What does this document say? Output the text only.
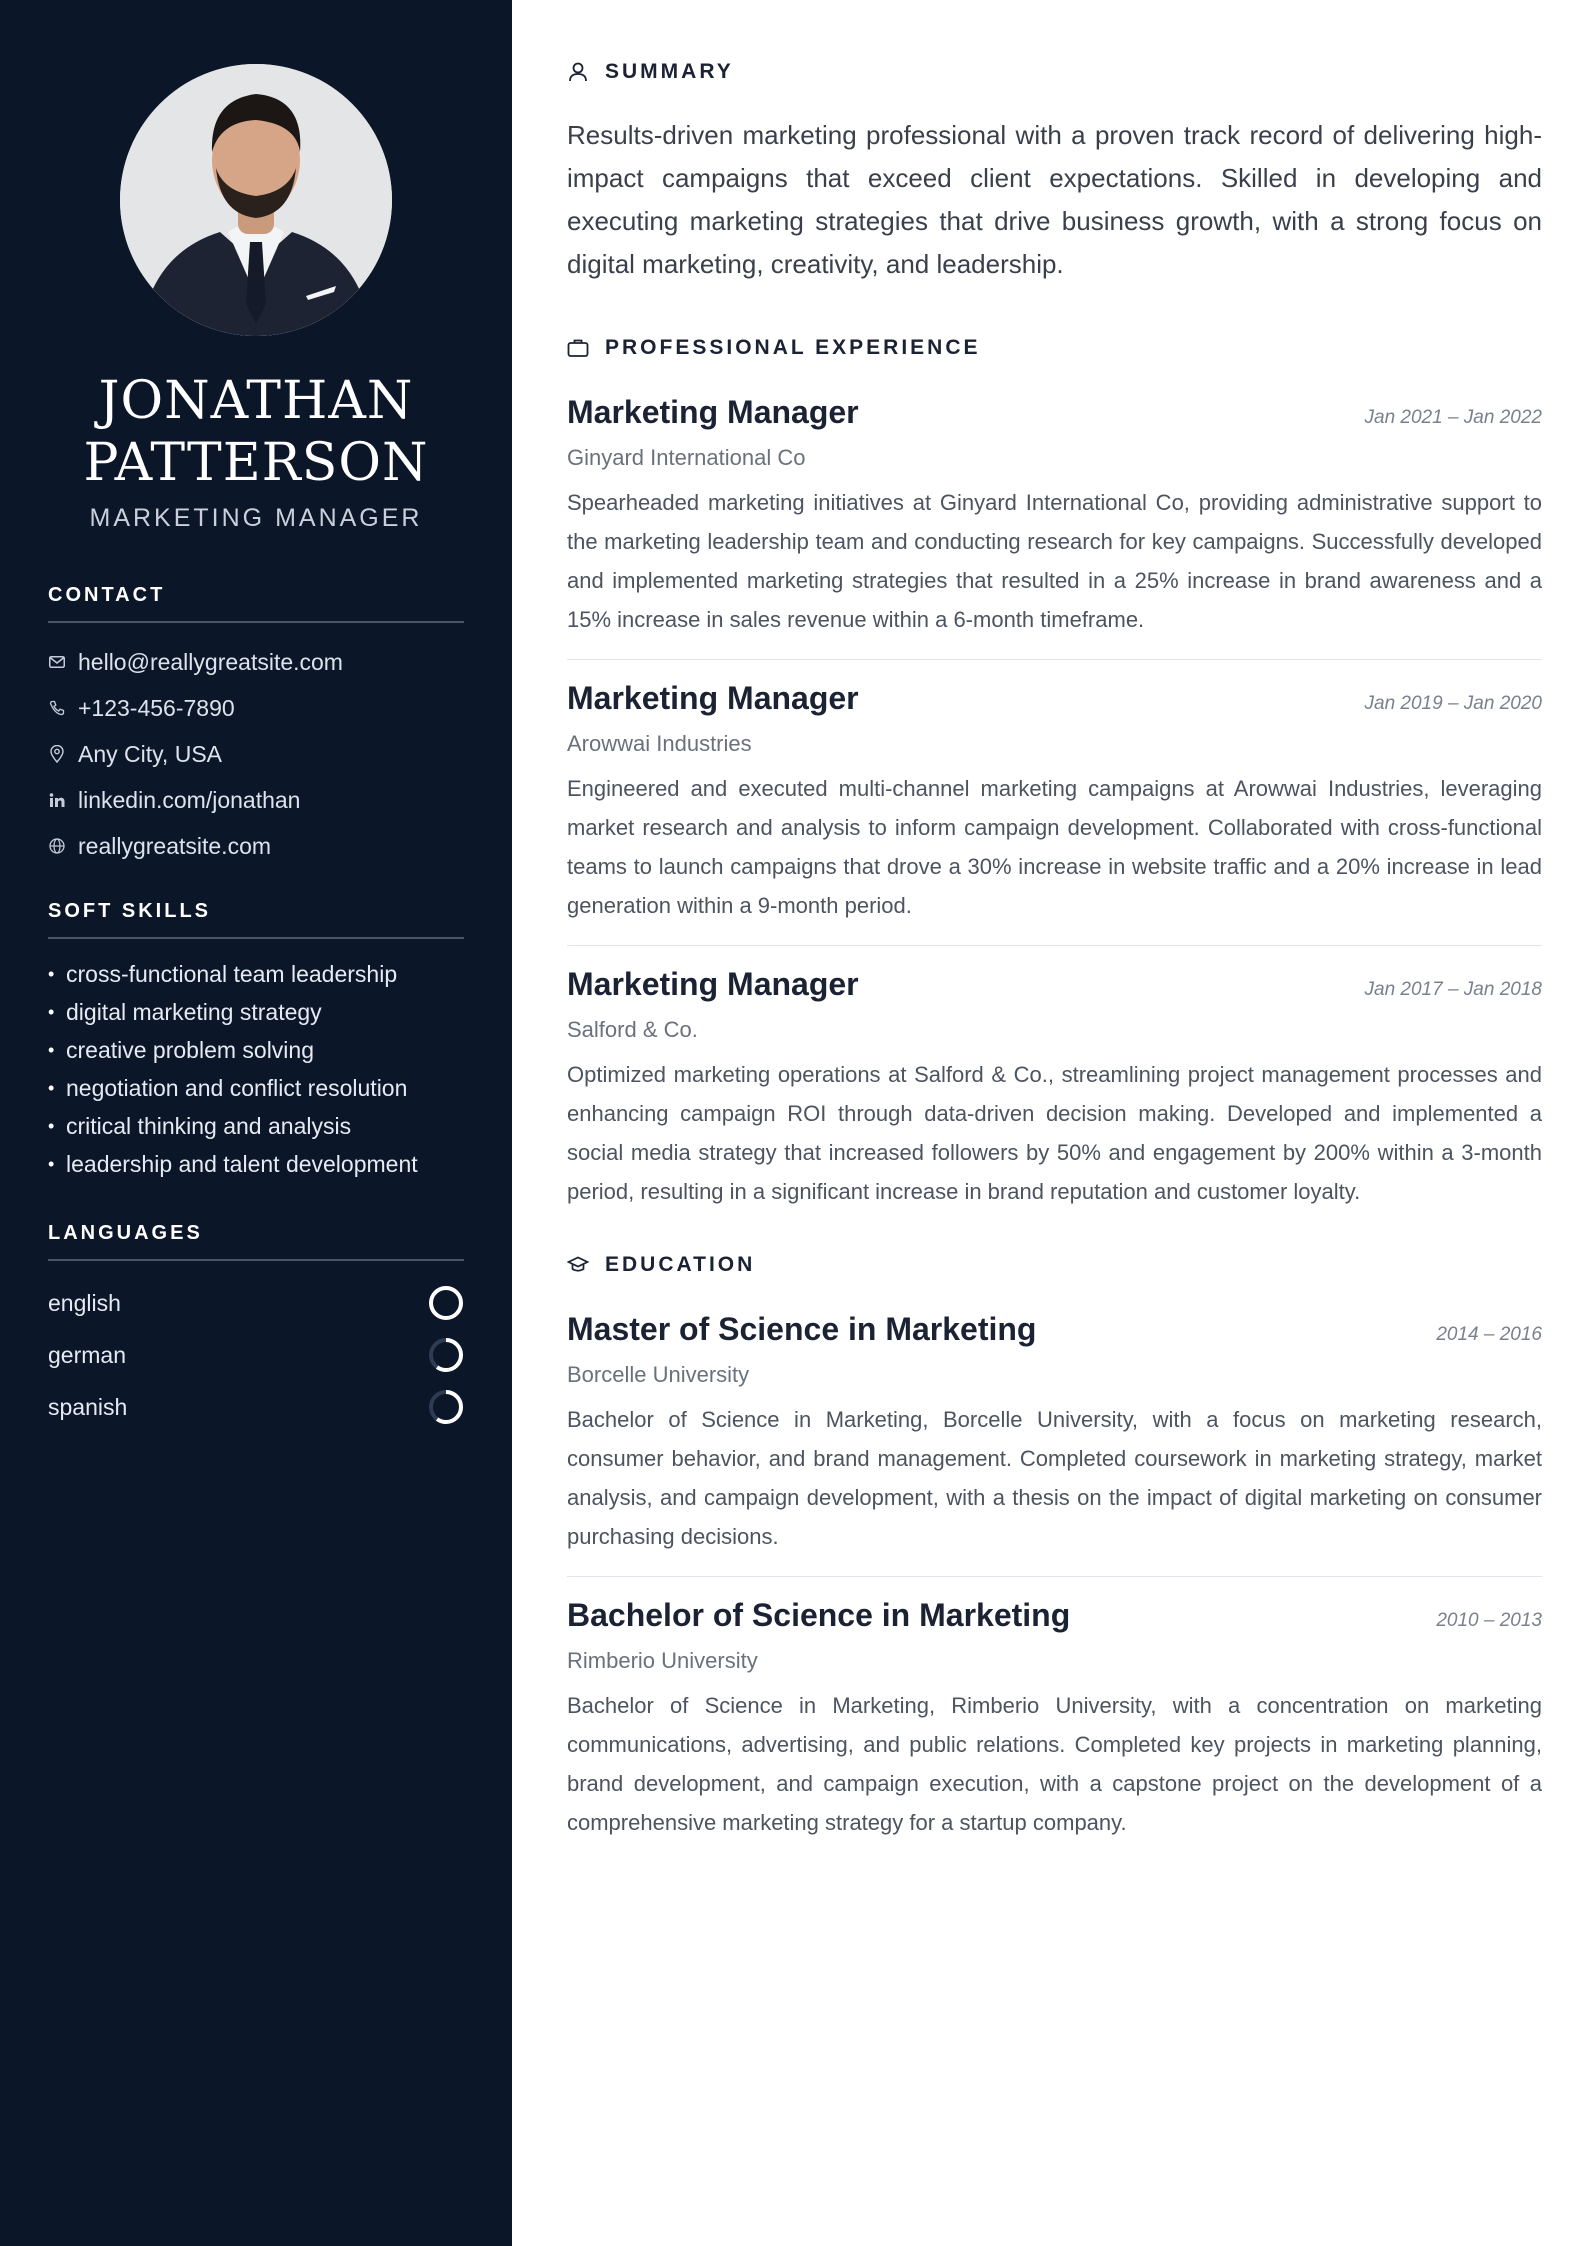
JONATHAN
PATTERSON
MARKETING MANAGER
CONTACT
hello@reallygreatsite.com
+123-456-7890
Any City, USA
linkedin.com/jonathan
reallygreatsite.com
SOFT SKILLS
• cross-functional team leadership
• digital marketing strategy
• creative problem solving
• negotiation and conflict resolution
• critical thinking and analysis
• leadership and talent development
LANGUAGES
english
german
spanish
SUMMARY

Results-driven marketing professional with a proven track record of delivering high-impact campaigns that exceed client expectations. Skilled in developing and executing marketing strategies that drive business growth, with a strong focus on digital marketing, creativity, and leadership.

PROFESSIONAL EXPERIENCE
Marketing Manager	Jan 2021 – Jan 2022
Ginyard International Co

Spearheaded marketing initiatives at Ginyard International Co, providing administrative support to the marketing leadership team and conducting research for key campaigns. Successfully developed and implemented marketing strategies that resulted in a 25% increase in brand awareness and a 15% increase in sales revenue within a 6-month timeframe.

Marketing Manager	Jan 2019 – Jan 2020
Arowwai Industries

Engineered and executed multi-channel marketing campaigns at Arowwai Industries, leveraging market research and analysis to inform campaign development. Collaborated with cross-functional teams to launch campaigns that drove a 30% increase in website traffic and a 20% increase in lead generation within a 9-month period.

Marketing Manager	Jan 2017 – Jan 2018
Salford & Co.

Optimized marketing operations at Salford & Co., streamlining project management processes and enhancing campaign ROI through data-driven decision making. Developed and implemented a social media strategy that increased followers by 50% and engagement by 200% within a 3-month period, resulting in a significant increase in brand reputation and customer loyalty.

EDUCATION
Master of Science in Marketing	2014 – 2016
Borcelle University

Bachelor of Science in Marketing, Borcelle University, with a focus on marketing research, consumer behavior, and brand management. Completed coursework in marketing strategy, market analysis, and campaign development, with a thesis on the impact of digital marketing on consumer purchasing decisions.

Bachelor of Science in Marketing	2010 – 2013
Rimberio University

Bachelor of Science in Marketing, Rimberio University, with a concentration on marketing communications, advertising, and public relations. Completed key projects in marketing planning, brand development, and campaign execution, with a capstone project on the development of a comprehensive marketing strategy for a startup company.
